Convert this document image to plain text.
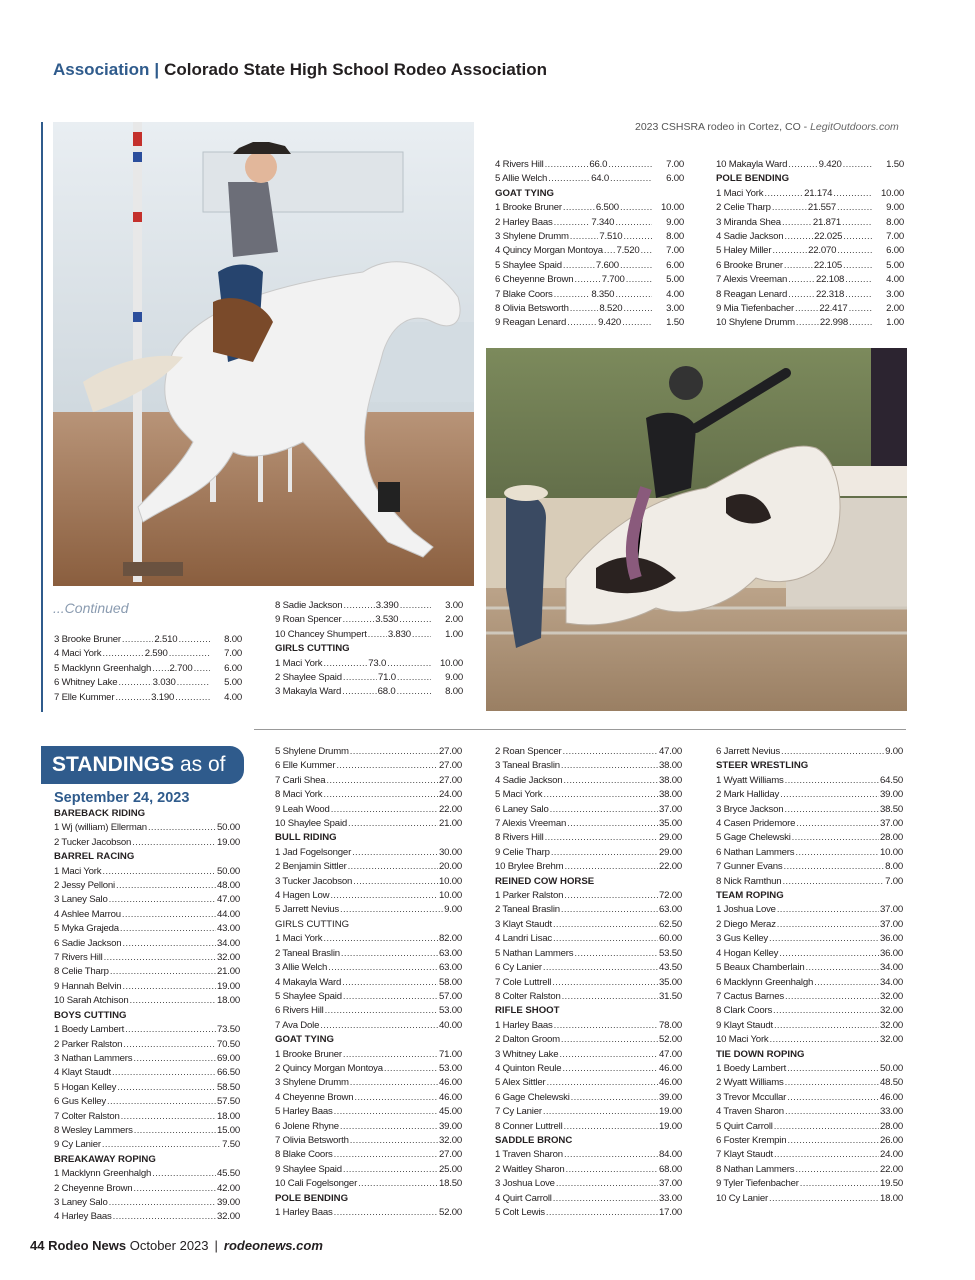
Association | Colorado State High School Rodeo Association
2023 CSHSRA rodeo in Cortez, CO - LegitOutdoors.com
...Continued
3 Brooke Bruner .....	2.510 .....	8.00
4 Maci York .....	2.590 .....	7.00
5 Macklynn Greenhalgh ..... 2.700 .....	6.00
6 Whitney Lake .....	3.030 .....	5.00
7 Elle Kummer .....	3.190 .....	4.00
8 Sadie Jackson .....	3.390 .....	3.00
9 Roan Spencer .....	3.530 .....	2.00
10 Chancey Shumpert ..... 3.830 .....	1.00
GIRLS CUTTING
1 Maci York .....	73.0 .....	10.00
2 Shaylee Spaid .....	71.0 .....	9.00
3 Makayla Ward .....	68.0 .....	8.00
4 Rivers Hill .....	66.0 .....	7.00
5 Allie Welch .....	64.0 .....	6.00
GOAT TYING
1 Brooke Bruner .....	6.500 .....	10.00
2 Harley Baas .....	7.340 .....	9.00
3 Shylene Drumm .....	7.510 .....	8.00
4 Quincy Morgan Montoya ..... 7.520 .....	7.00
5 Shaylee Spaid .....	7.600 .....	6.00
6 Cheyenne Brown .....	7.700 .....	5.00
7 Blake Coors .....	8.350 .....	4.00
8 Olivia Betsworth .....	8.520 .....	3.00
9 Reagan Lenard .....	9.420 .....	1.50
10 Makayla Ward .....	9.420 .....	1.50
POLE BENDING
1 Maci York .....	21.174 .....	10.00
2 Celie Tharp .....	21.557 .....	9.00
3 Miranda Shea .....	21.871 .....	8.00
4 Sadie Jackson .....	22.025 .....	7.00
5 Haley Miller .....	22.070 .....	6.00
6 Brooke Bruner .....	22.105 .....	5.00
7 Alexis Vreeman .....	22.108 .....	4.00
8 Reagan Lenard .....	22.318 .....	3.00
9 Mia Tiefenbacher .....	22.417 .....	2.00
10 Shylene Drumm .....	22.998 .....	1.00
STANDINGS as of
September 24, 2023
BAREBACK RIDING
1 Wj (william) Ellerman .....	50.00
2 Tucker Jacobson .....	19.00
BARREL RACING
1 Maci York .....	50.00
2 Jessy Pelloni .....	48.00
3 Laney Salo .....	47.00
4 Ashlee Marrou .....	44.00
5 Myka Grajeda .....	43.00
6 Sadie Jackson .....	34.00
7 Rivers Hill .....	32.00
8 Celie Tharp .....	21.00
9 Hannah Belvin .....	19.00
10 Sarah Atchison .....	18.00
BOYS CUTTING
1 Boedy Lambert .....	73.50
2 Parker Ralston .....	70.50
3 Nathan Lammers .....	69.00
4 Klayt Staudt .....	66.50
5 Hogan Kelley .....	58.50
6 Gus Kelley .....	57.50
7 Colter Ralston .....	18.00
8 Wesley Lammers .....	15.00
9 Cy Lanier .....	7.50
BREAKAWAY ROPING
1 Macklynn Greenhalgh .....	45.50
2 Cheyenne Brown .....	42.00
3 Laney Salo .....	39.00
4 Harley Baas .....	32.00
5 Shylene Drumm .....	27.00
6 Elle Kummer .....	27.00
7 Carli Shea .....	27.00
8 Maci York .....	24.00
9 Leah Wood .....	22.00
10 Shaylee Spaid .....	21.00
BULL RIDING
1 Jad Fogelsonger .....	30.00
2 Benjamin Sittler .....	20.00
3 Tucker Jacobson .....	10.00
4 Hagen Low .....	10.00
5 Jarrett Nevius .....	9.00
GIRLS CUTTING
1 Maci York .....	82.00
2 Taneal Braslin .....	63.00
3 Allie Welch .....	63.00
4 Makayla Ward .....	58.00
5 Shaylee Spaid .....	57.00
6 Rivers Hill .....	53.00
7 Ava Dole .....	40.00
GOAT TYING
1 Brooke Bruner .....	71.00
2 Quincy Morgan Montoya .....	53.00
3 Shylene Drumm .....	46.00
4 Cheyenne Brown .....	46.00
5 Harley Baas .....	45.00
6 Jolene Rhyne .....	39.00
7 Olivia Betsworth .....	32.00
8 Blake Coors .....	27.00
9 Shaylee Spaid .....	25.00
10 Cali Fogelsonger .....	18.50
POLE BENDING
1 Harley Baas .....	52.00
2 Roan Spencer .....	47.00
3 Taneal Braslin .....	38.00
4 Sadie Jackson .....	38.00
5 Maci York .....	38.00
6 Laney Salo .....	37.00
7 Alexis Vreeman .....	35.00
8 Rivers Hill .....	29.00
9 Celie Tharp .....	29.00
10 Brylee Brehm .....	22.00
REINED COW HORSE
1 Parker Ralston .....	72.00
2 Taneal Braslin .....	63.00
3 Klayt Staudt .....	62.50
4 Landri Lisac .....	60.00
5 Nathan Lammers .....	53.50
6 Cy Lanier .....	43.50
7 Cole Luttrell .....	35.00
8 Colter Ralston .....	31.50
RIFLE SHOOT
1 Harley Baas .....	78.00
2 Dalton Groom .....	52.00
3 Whitney Lake .....	47.00
4 Quinton Reule .....	46.00
5 Alex Sittler .....	46.00
6 Gage Chelewski .....	39.00
7 Cy Lanier .....	19.00
8 Conner Luttrell .....	19.00
SADDLE BRONC
1 Traven Sharon .....	84.00
2 Waitley Sharon .....	68.00
3 Joshua Love .....	37.00
4 Quirt Carroll .....	33.00
5 Colt Lewis .....	17.00
6 Jarrett Nevius .....	9.00
STEER WRESTLING
1 Wyatt Williams .....	64.50
2 Mark Halliday .....	39.00
3 Bryce Jackson .....	38.50
4 Casen Pridemore .....	37.00
5 Gage Chelewski .....	28.00
6 Nathan Lammers .....	10.00
7 Gunner Evans .....	8.00
8 Nick Ramthun .....	7.00
TEAM ROPING
1 Joshua Love .....	37.00
2 Diego Meraz .....	37.00
3 Gus Kelley .....	36.00
4 Hogan Kelley .....	36.00
5 Beaux Chamberlain .....	34.00
6 Macklynn Greenhalgh .....	34.00
7 Cactus Barnes .....	32.00
8 Clark Coors .....	32.00
9 Klayt Staudt .....	32.00
10 Maci York .....	32.00
TIE DOWN ROPING
1 Boedy Lambert .....	50.00
2 Wyatt Williams .....	48.50
3 Trevor Mccullar .....	46.00
4 Traven Sharon .....	33.00
5 Quirt Carroll .....	28.00
6 Foster Krempin .....	26.00
7 Klayt Staudt .....	24.00
8 Nathan Lammers .....	22.00
9 Tyler Tiefenbacher .....	19.50
10 Cy Lanier .....	18.00
44 Rodeo News October 2023 | rodeonews.com
